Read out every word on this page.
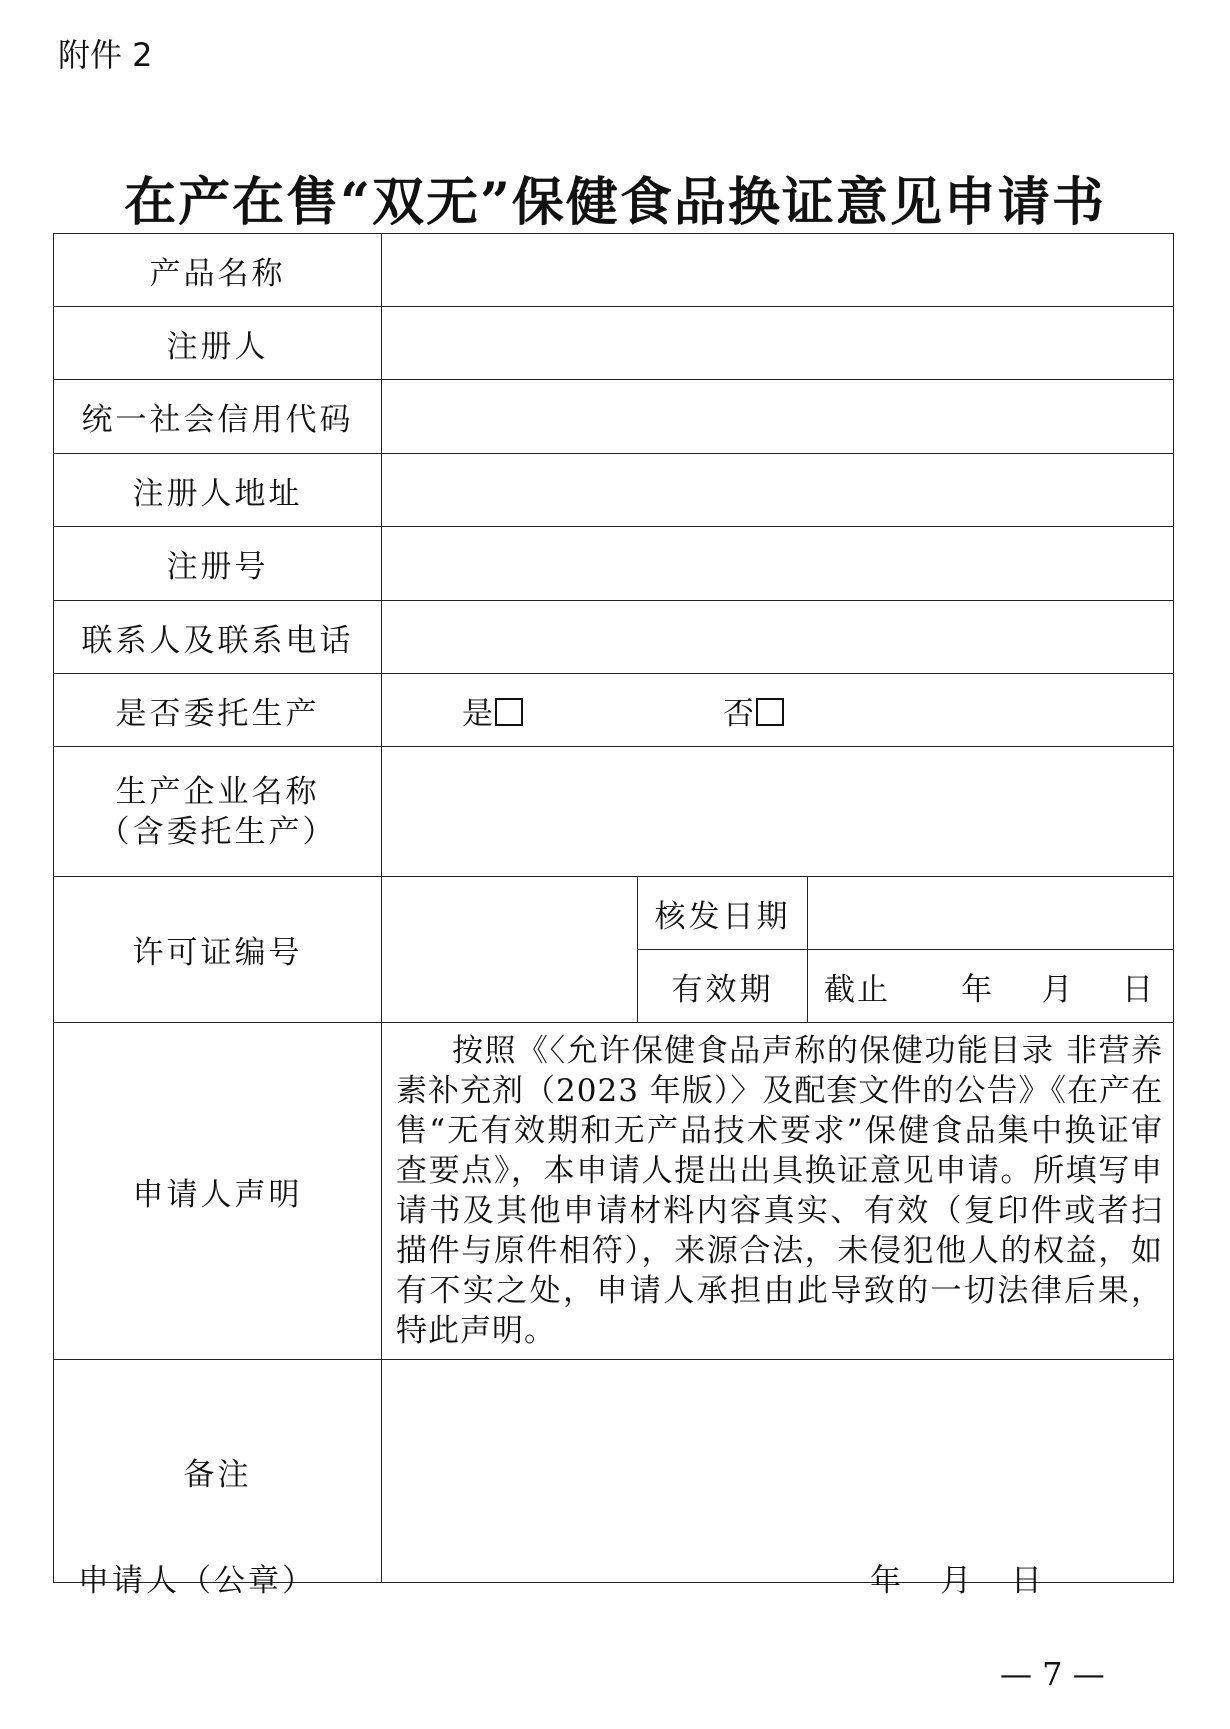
附件 2
在产在售“双无”保健食品换证意见申请书
产品名称			
注册人			
统一社会信用代码			
注册人地址			
注册号			
联系人及联系电话			
是否委托生产	是 否		

生产企业名称
（含委托生产）			

许可证编号		核发日期	
		有效期	截止      年    月    日
申请人声明	按照《〈允许保健食品声称的保健功能目录 非营养素补充剂（2023 年版）〉及配套文件的公告》《在产在售“无有效期和无产品技术要求”保健食品集中换证审查要点》，本申请人提出出具换证意见申请。所填写申请书及其他申请材料内容真实、有效（复印件或者扫描件与原件相符），来源合法，未侵犯他人的权益，如有不实之处，申请人承担由此导致的一切法律后果，特此声明。		
备注			
申请人（公章）	年    月    日
— 7 —
